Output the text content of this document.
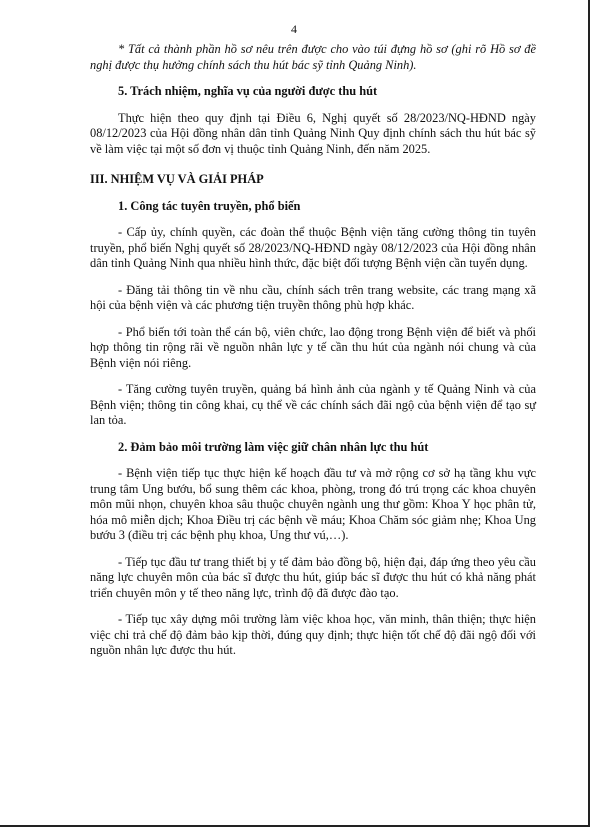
4

* Tất cả thành phần hồ sơ nêu trên được cho vào túi đựng hồ sơ (ghi rõ Hồ sơ đề nghị được thụ hưởng chính sách thu hút bác sỹ tỉnh Quảng Ninh).

5. Trách nhiệm, nghĩa vụ của người được thu hút

Thực hiện theo quy định tại Điều 6, Nghị quyết số 28/2023/NQ-HĐND ngày 08/12/2023 của Hội đồng nhân dân tỉnh Quảng Ninh Quy định chính sách thu hút bác sỹ về làm việc tại một số đơn vị thuộc tỉnh Quảng Ninh, đến năm 2025.

III. NHIỆM VỤ VÀ GIẢI PHÁP

1. Công tác tuyên truyền, phổ biến

- Cấp ủy, chính quyền, các đoàn thể thuộc Bệnh viện tăng cường thông tin tuyên truyền, phổ biến Nghị quyết số 28/2023/NQ-HĐND ngày 08/12/2023 của Hội đồng nhân dân tỉnh Quảng Ninh qua nhiều hình thức, đặc biệt đối tượng Bệnh viện cần tuyển dụng.

- Đăng tải thông tin về nhu cầu, chính sách trên trang website, các trang mạng xã hội của bệnh viện và các phương tiện truyền thông phù hợp khác.

- Phổ biến tới toàn thể cán bộ, viên chức, lao động trong Bệnh viện để biết và phối hợp thông tin rộng rãi về nguồn nhân lực y tế cần thu hút của ngành nói chung và của Bệnh viện nói riêng.

- Tăng cường tuyên truyền, quảng bá hình ảnh của ngành y tế Quảng Ninh và của Bệnh viện; thông tin công khai, cụ thể về các chính sách đãi ngộ của bệnh viện để tạo sự lan tỏa.

2. Đảm bảo môi trường làm việc giữ chân nhân lực thu hút

- Bệnh viện tiếp tục thực hiện kế hoạch đầu tư và mở rộng cơ sở hạ tầng khu vực trung tâm Ung bướu, bổ sung thêm các khoa, phòng, trong đó trú trọng các khoa chuyên môn mũi nhọn, chuyên khoa sâu thuộc chuyên ngành ung thư gồm: Khoa Y học phân tử, hóa mô miễn dịch; Khoa Điều trị các bệnh về máu; Khoa Chăm sóc giảm nhẹ; Khoa Ung bướu 3 (điều trị các bệnh phụ khoa, Ung thư vú,…).

- Tiếp tục đầu tư trang thiết bị y tế đảm bảo đồng bộ, hiện đại, đáp ứng theo yêu cầu năng lực chuyên môn của bác sĩ được thu hút, giúp bác sĩ được thu hút có khả năng phát triển chuyên môn y tế theo năng lực, trình độ đã được đào tạo.

- Tiếp tục xây dựng môi trường làm việc khoa học, văn minh, thân thiện; thực hiện việc chi trả chế độ đảm bảo kịp thời, đúng quy định; thực hiện tốt chế độ đãi ngộ đối với nguồn nhân lực được thu hút.
